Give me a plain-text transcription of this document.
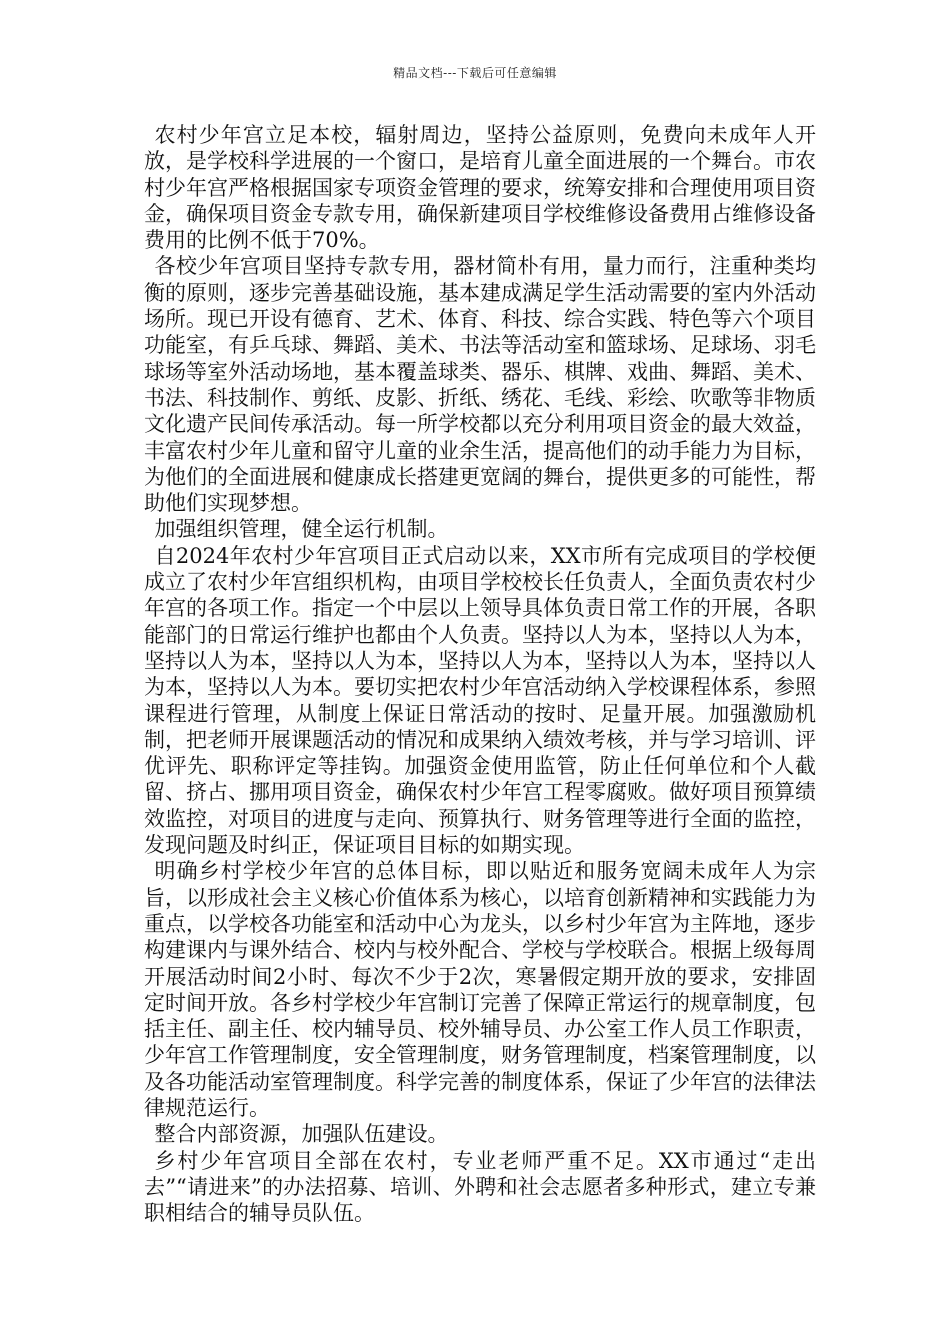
精品文档---下载后可任意编辑

农村少年宫立足本校，辐射周边，坚持公益原则，免费向未成年人开放，是学校科学进展的一个窗口，是培育儿童全面进展的一个舞台。市农村少年宫严格根据国家专项资金管理的要求，统筹安排和合理使用项目资金，确保项目资金专款专用，确保新建项目学校维修设备费用占维修设备费用的比例不低于70%。

各校少年宫项目坚持专款专用，器材简朴有用，量力而行，注重种类均衡的原则，逐步完善基础设施，基本建成满足学生活动需要的室内外活动场所。现已开设有德育、艺术、体育、科技、综合实践、特色等六个项目功能室，有乒乓球、舞蹈、美术、书法等活动室和篮球场、足球场、羽毛球场等室外活动场地，基本覆盖球类、器乐、棋牌、戏曲、舞蹈、美术、书法、科技制作、剪纸、皮影、折纸、绣花、毛线、彩绘、吹歌等非物质文化遗产民间传承活动。每一所学校都以充分利用项目资金的最大效益，丰富农村少年儿童和留守儿童的业余生活，提高他们的动手能力为目标，为他们的全面进展和健康成长搭建更宽阔的舞台，提供更多的可能性，帮助他们实现梦想。

加强组织管理，健全运行机制。

自2024年农村少年宫项目正式启动以来，XX市所有完成项目的学校便成立了农村少年宫组织机构，由项目学校校长任负责人，全面负责农村少年宫的各项工作。指定一个中层以上领导具体负责日常工作的开展，各职能部门的日常运行维护也都由个人负责。坚持以人为本，坚持以人为本，坚持以人为本，坚持以人为本，坚持以人为本，坚持以人为本，坚持以人为本，坚持以人为本。要切实把农村少年宫活动纳入学校课程体系，参照课程进行管理，从制度上保证日常活动的按时、足量开展。加强激励机制，把老师开展课题活动的情况和成果纳入绩效考核，并与学习培训、评优评先、职称评定等挂钩。加强资金使用监管，防止任何单位和个人截留、挤占、挪用项目资金，确保农村少年宫工程零腐败。做好项目预算绩效监控，对项目的进度与走向、预算执行、财务管理等进行全面的监控，发现问题及时纠正，保证项目目标的如期实现。

明确乡村学校少年宫的总体目标，即以贴近和服务宽阔未成年人为宗旨，以形成社会主义核心价值体系为核心，以培育创新精神和实践能力为重点，以学校各功能室和活动中心为龙头，以乡村少年宫为主阵地，逐步构建课内与课外结合、校内与校外配合、学校与学校联合。根据上级每周开展活动时间2小时、每次不少于2次，寒暑假定期开放的要求，安排固定时间开放。各乡村学校少年宫制订完善了保障正常运行的规章制度，包括主任、副主任、校内辅导员、校外辅导员、办公室工作人员工作职责，少年宫工作管理制度，安全管理制度，财务管理制度，档案管理制度，以及各功能活动室管理制度。科学完善的制度体系，保证了少年宫的法律法律规范运行。

整合内部资源，加强队伍建设。

乡村少年宫项目全部在农村，专业老师严重不足。XX市通过“走出去”“请进来”的办法招募、培训、外聘和社会志愿者多种形式，建立专兼职相结合的辅导员队伍。
